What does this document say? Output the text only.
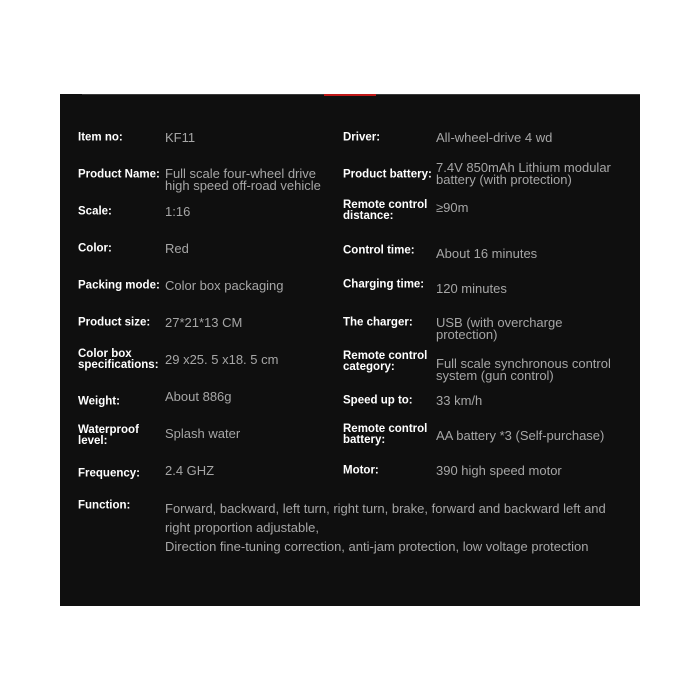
Item no:
Product Name:
Scale:
Color:
Packing mode:
Product size:
Color box specifications:
Weight:
Waterproof level:
Frequency:
KF11
Full scale four-wheel drive high speed off-road vehicle
1:16
Red
Color box packaging
27*21*13 CM
29 x25. 5 x18. 5 cm
About 886g
Splash water
2.4 GHZ
Driver:
Product battery:
Remote control distance:
Control time:
Charging time:
The charger:
Remote control category:
Speed up to:
Remote control battery:
Motor:
All-wheel-drive 4 wd
7.4V 850mAh Lithium modular battery (with protection)
≥90m
About 16 minutes
120 minutes
USB (with overcharge protection)
Full scale synchronous control system (gun control)
33 km/h
AA battery *3 (Self-purchase)
390 high speed motor
Function:	Forward, backward, left turn, right turn, brake, forward and backward left and right proportion adjustable,
Direction fine-tuning correction, anti-jam protection, low voltage protection
